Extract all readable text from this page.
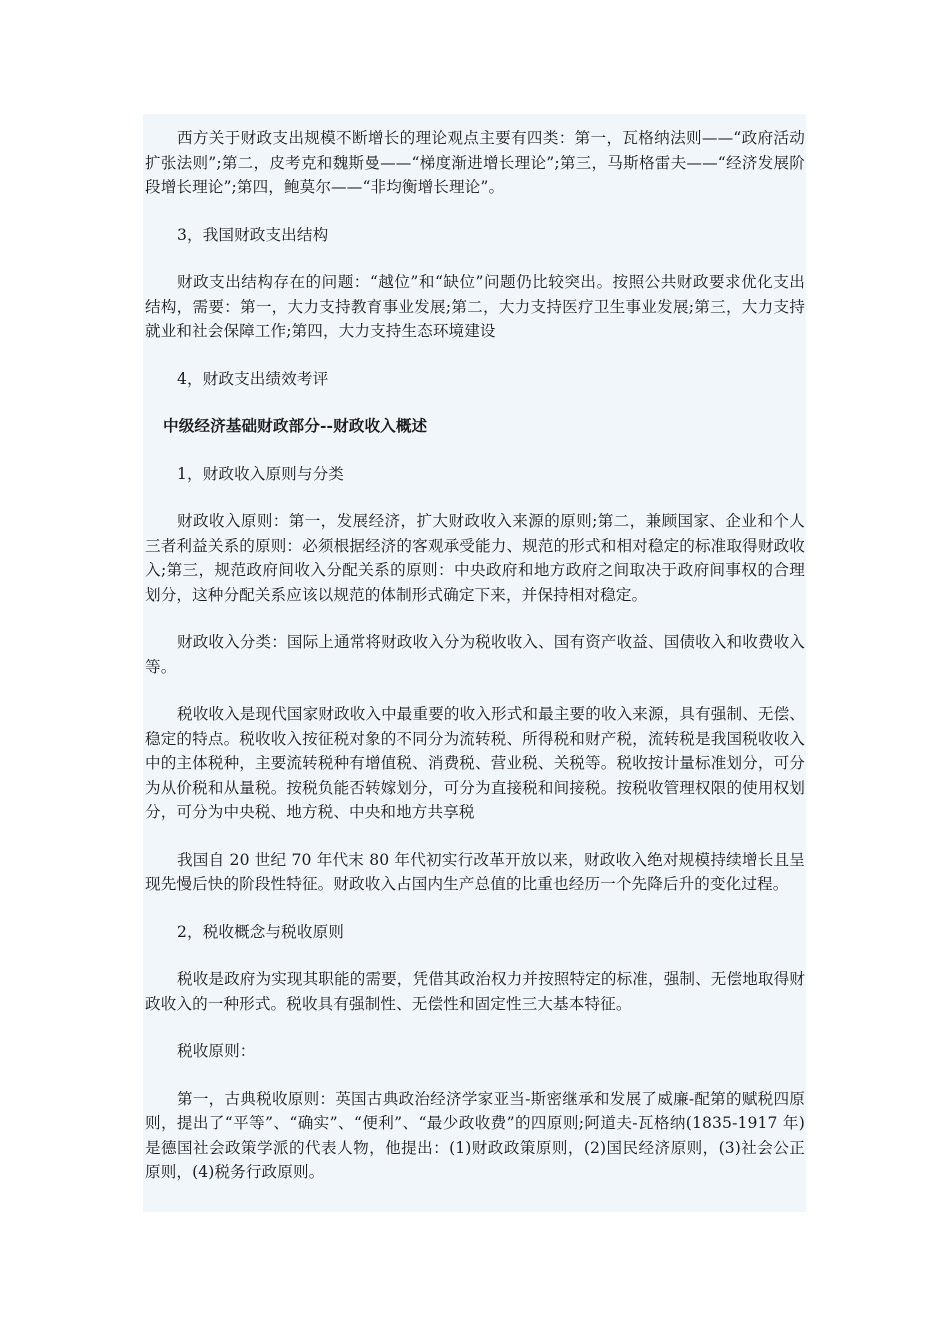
西方关于财政支出规模不断增长的理论观点主要有四类：第一，瓦格纳法则——“政府活动扩张法则”;第二，皮考克和魏斯曼——“梯度渐进增长理论”;第三，马斯格雷夫——“经济发展阶段增长理论”;第四，鲍莫尔——“非均衡增长理论”。

3，我国财政支出结构

财政支出结构存在的问题：“越位”和“缺位”问题仍比较突出。按照公共财政要求优化支出结构，需要：第一，大力支持教育事业发展;第二，大力支持医疗卫生事业发展;第三，大力支持就业和社会保障工作;第四，大力支持生态环境建设

4，财政支出绩效考评

中级经济基础财政部分--财政收入概述

1，财政收入原则与分类

财政收入原则：第一，发展经济，扩大财政收入来源的原则;第二，兼顾国家、企业和个人三者利益关系的原则：必须根据经济的客观承受能力、规范的形式和相对稳定的标准取得财政收入;第三，规范政府间收入分配关系的原则：中央政府和地方政府之间取决于政府间事权的合理划分，这种分配关系应该以规范的体制形式确定下来，并保持相对稳定。

财政收入分类：国际上通常将财政收入分为税收收入、国有资产收益、国债收入和收费收入等。

税收收入是现代国家财政收入中最重要的收入形式和最主要的收入来源，具有强制、无偿、稳定的特点。税收收入按征税对象的不同分为流转税、所得税和财产税，流转税是我国税收收入中的主体税种，主要流转税种有增值税、消费税、营业税、关税等。税收按计量标准划分，可分为从价税和从量税。按税负能否转嫁划分，可分为直接税和间接税。按税收管理权限的使用权划分，可分为中央税、地方税、中央和地方共享税

我国自 20 世纪 70 年代末 80 年代初实行改革开放以来，财政收入绝对规模持续增长且呈现先慢后快的阶段性特征。财政收入占国内生产总值的比重也经历一个先降后升的变化过程。

2，税收概念与税收原则

税收是政府为实现其职能的需要，凭借其政治权力并按照特定的标准，强制、无偿地取得财政收入的一种形式。税收具有强制性、无偿性和固定性三大基本特征。

税收原则：

第一，古典税收原则：英国古典政治经济学家亚当-斯密继承和发展了威廉-配第的赋税四原则，提出了“平等”、“确实”、“便利”、“最少政收费”的四原则;阿道夫-瓦格纳(1835-1917 年)是德国社会政策学派的代表人物，他提出：(1)财政政策原则，(2)国民经济原则，(3)社会公正原则，(4)税务行政原则。
